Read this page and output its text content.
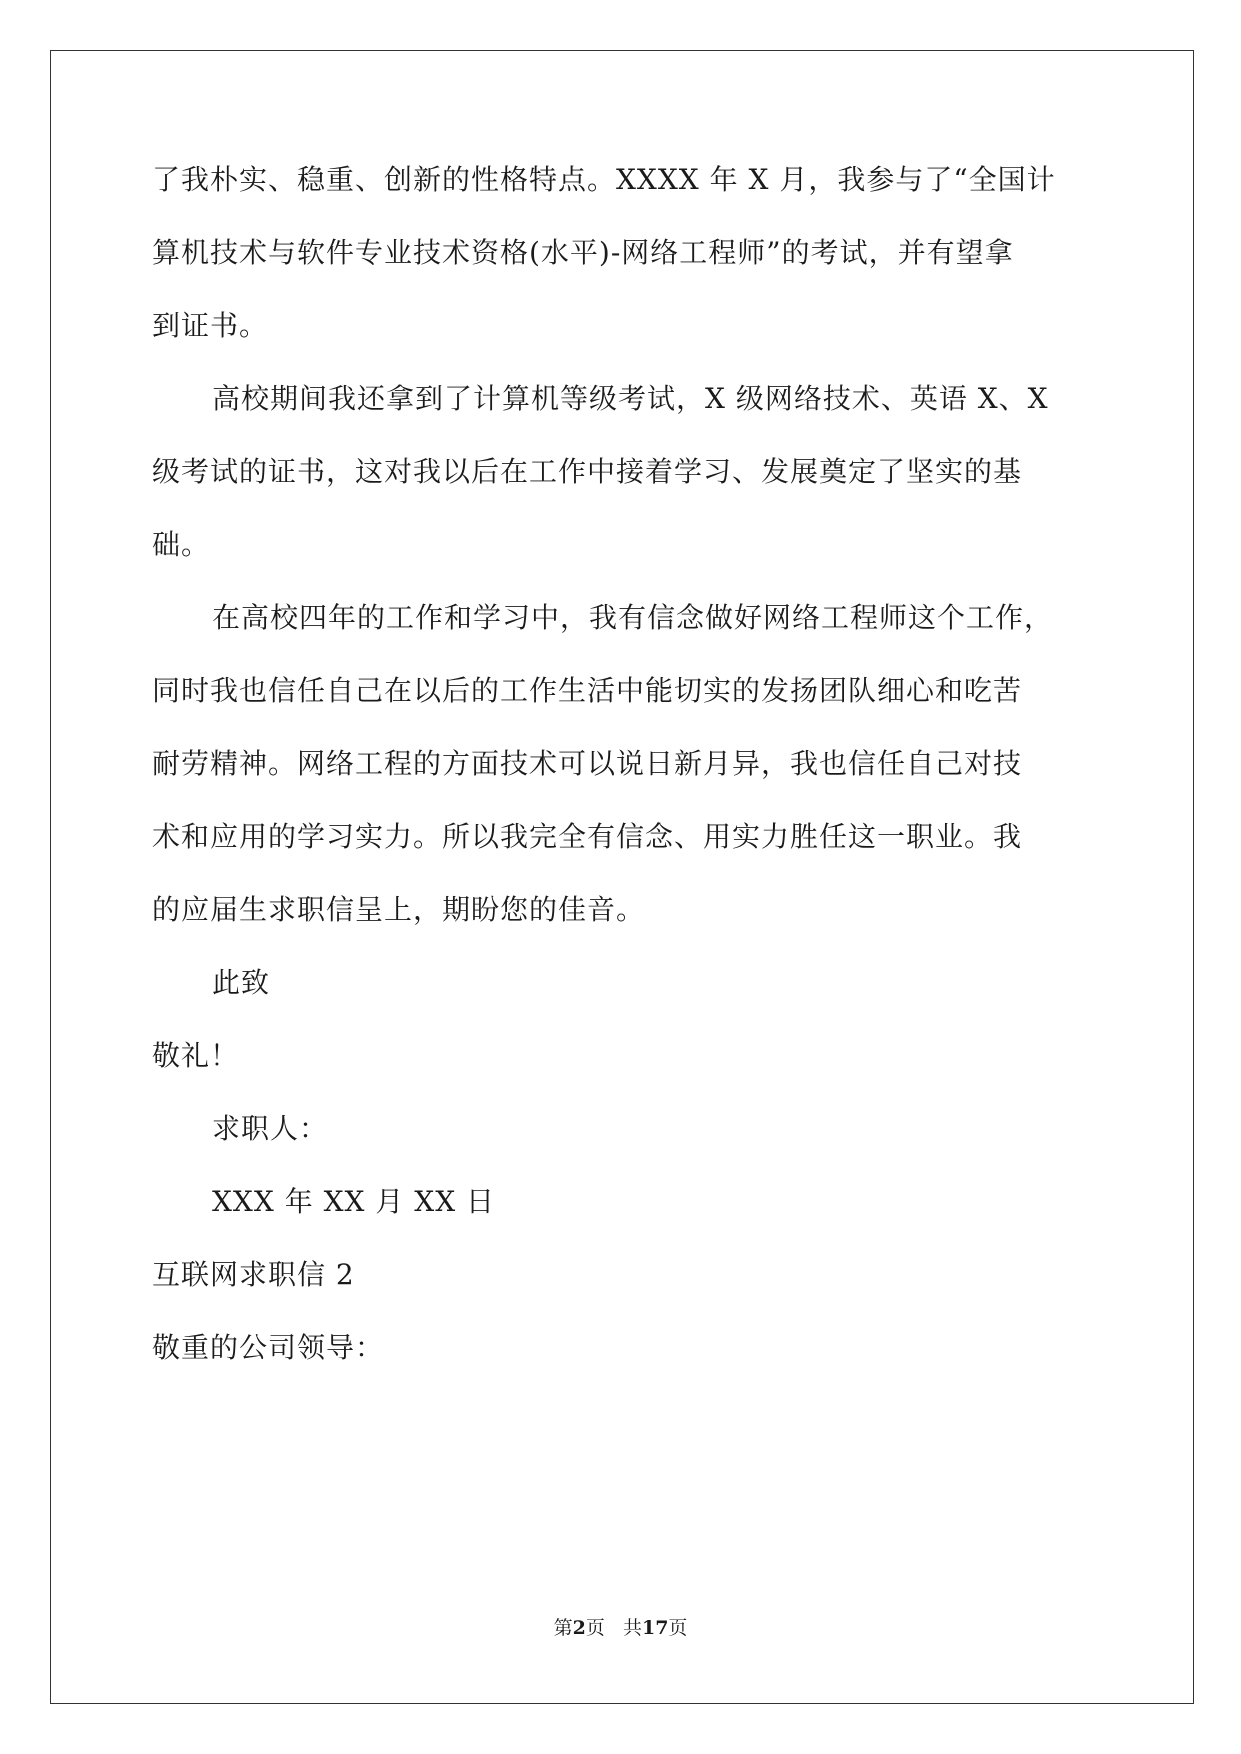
了我朴实、稳重、创新的性格特点。XXXX 年 X 月，我参与了“全国计
算机技术与软件专业技术资格(水平)-网络工程师”的考试，并有望拿
到证书。
高校期间我还拿到了计算机等级考试，X 级网络技术、英语 X、X
级考试的证书，这对我以后在工作中接着学习、发展奠定了坚实的基
础。
在高校四年的工作和学习中，我有信念做好网络工程师这个工作，
同时我也信任自己在以后的工作生活中能切实的发扬团队细心和吃苦
耐劳精神。网络工程的方面技术可以说日新月异，我也信任自己对技
术和应用的学习实力。所以我完全有信念、用实力胜任这一职业。我
的应届生求职信呈上，期盼您的佳音。
此致
敬礼！
求职人：
XXX 年 XX 月 XX 日
互联网求职信 2
敬重的公司领导：
第2页 共17页
